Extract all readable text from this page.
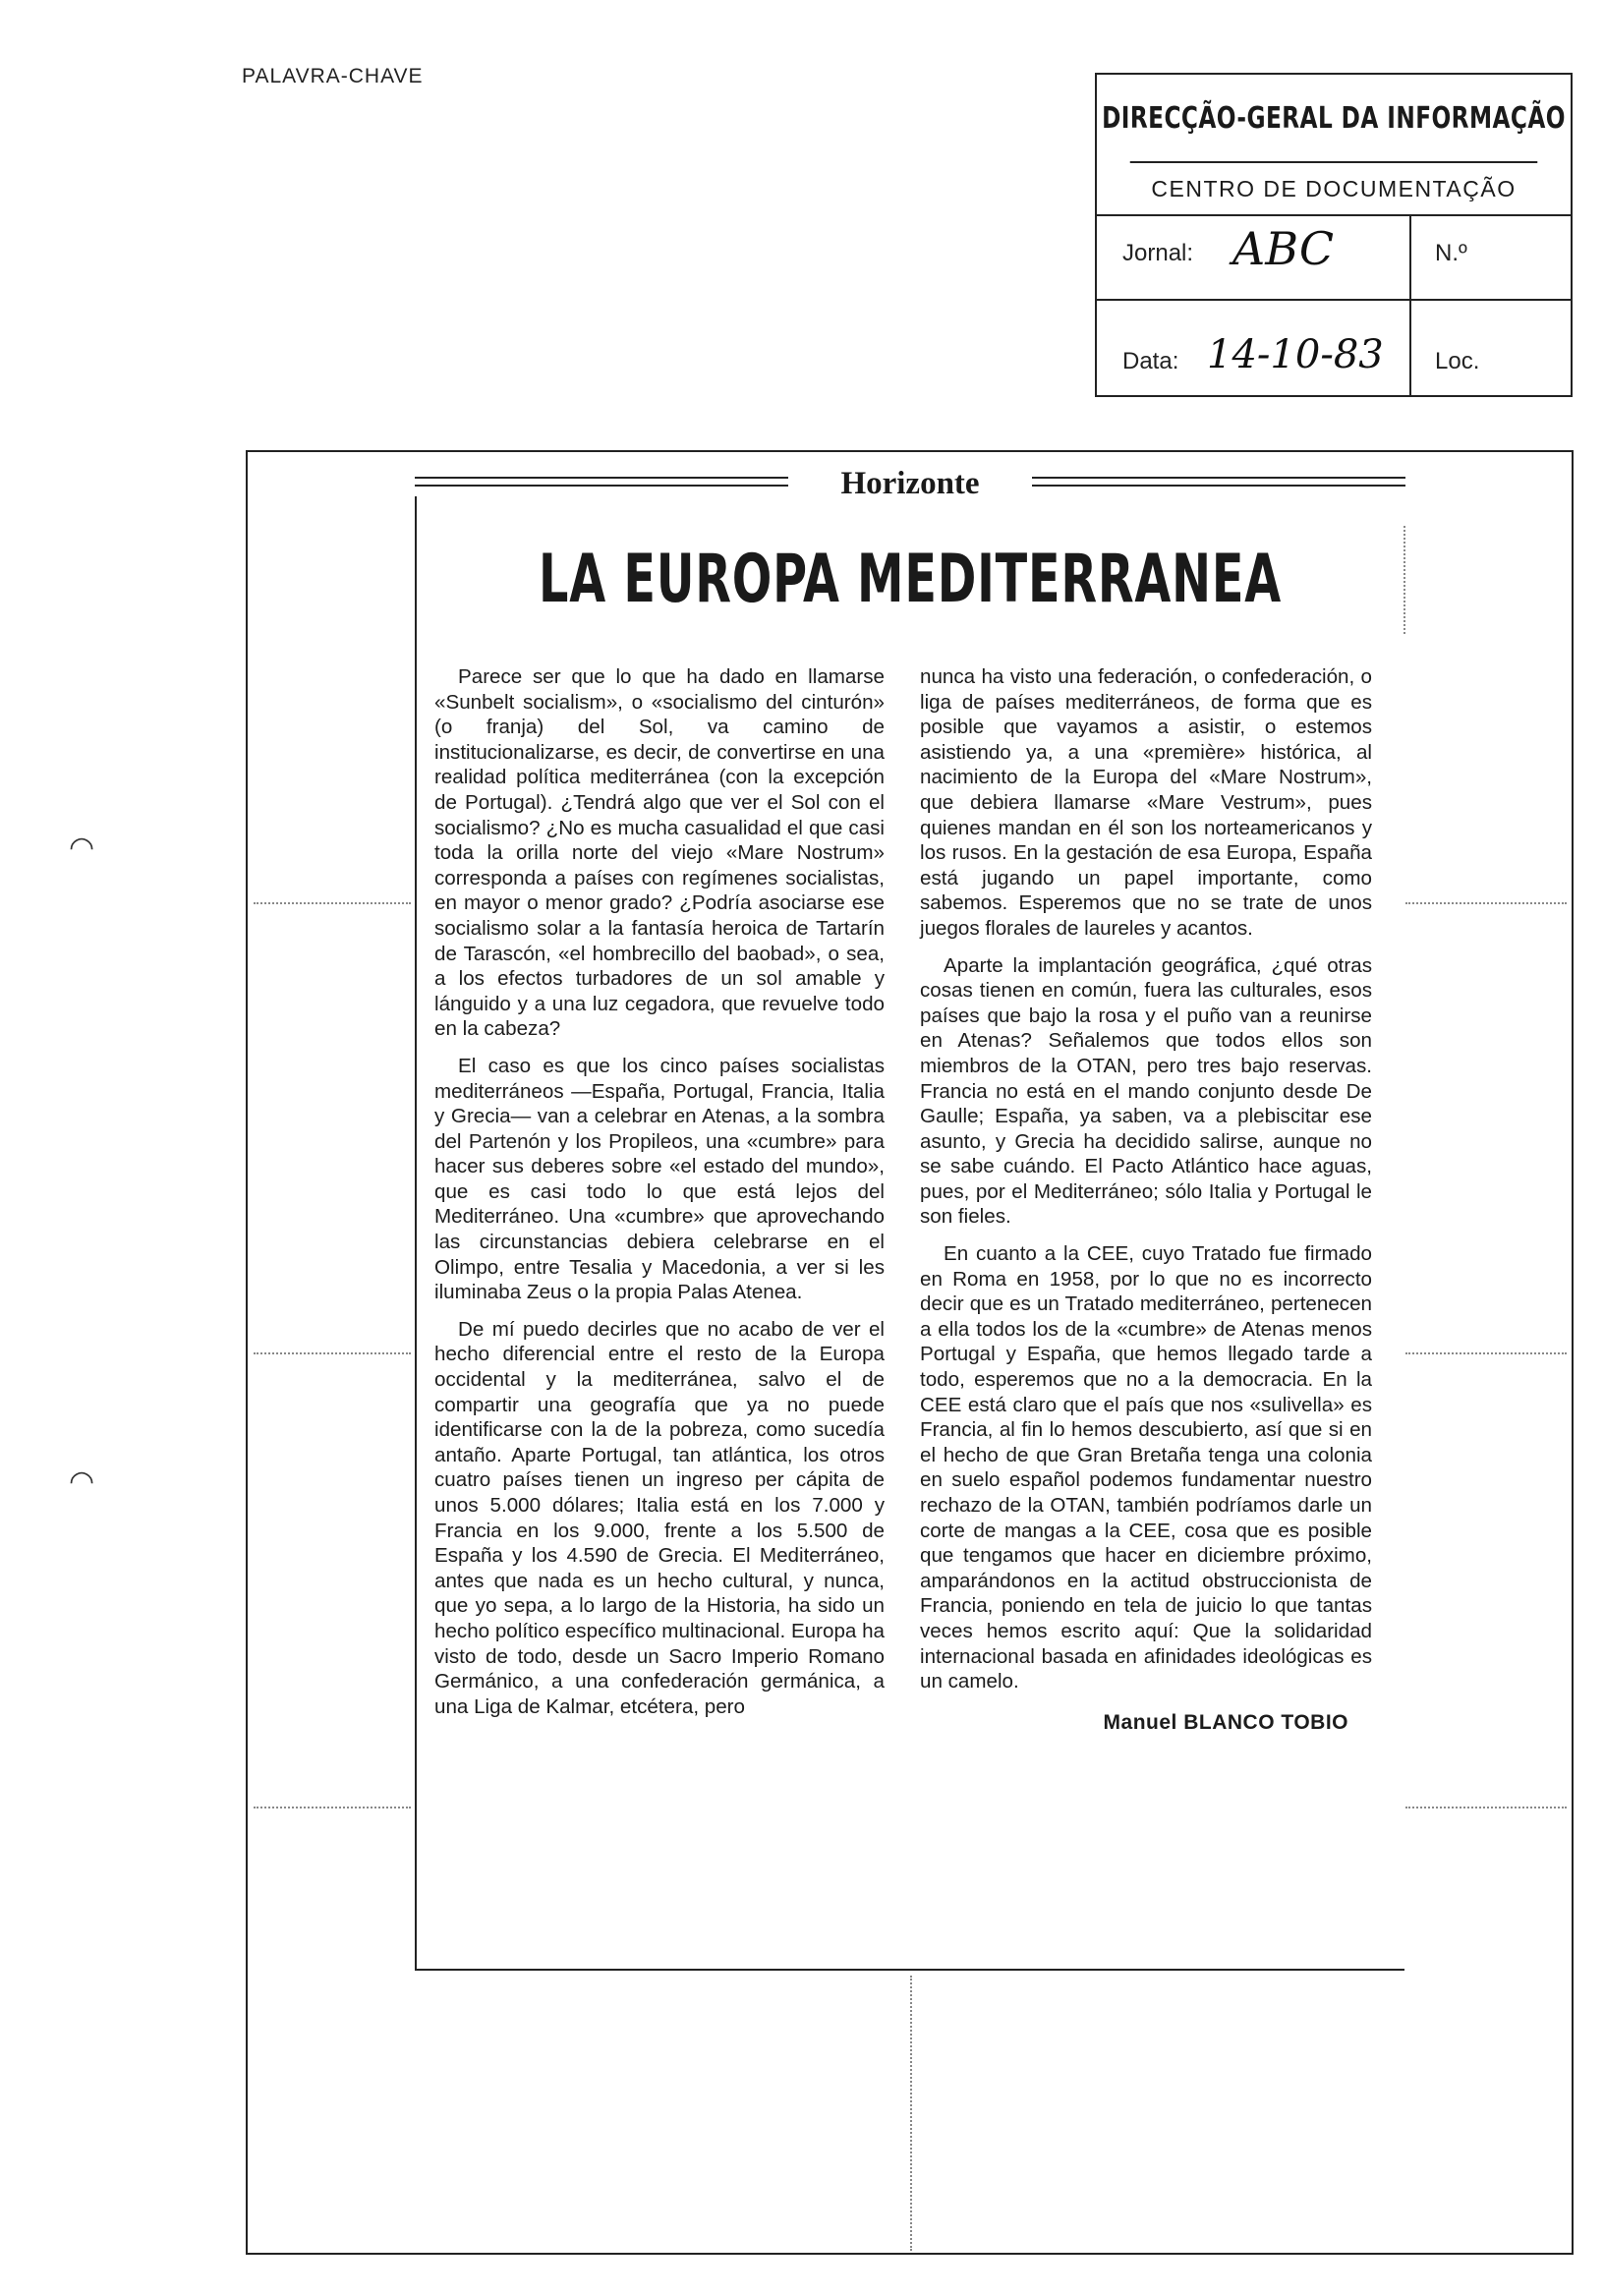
PALAVRA-CHAVE
DIRECÇÃO-GERAL DA INFORMAÇÃO
CENTRO DE DOCUMENTAÇÃO
Jornal: ABC	N.º
Data: 14-10-83 Loc.
Horizonte
LA EUROPA MEDITERRANEA

Parece ser que lo que ha dado en llamarse «Sunbelt socialism», o «socialismo del cinturón» (o franja) del Sol, va camino de institucionalizarse, es decir, de convertirse en una realidad política mediterránea (con la excepción de Portugal). ¿Tendrá algo que ver el Sol con el socialismo? ¿No es mucha casualidad el que casi toda la orilla norte del viejo «Mare Nostrum» corresponda a países con regímenes socialistas, en mayor o menor grado? ¿Podría asociarse ese socialismo solar a la fantasía heroica de Tartarín de Tarascón, «el hombrecillo del baobad», o sea, a los efectos turbadores de un sol amable y lánguido y a una luz cegadora, que revuelve todo en la cabeza?

El caso es que los cinco países socialistas mediterráneos —España, Portugal, Francia, Italia y Grecia— van a celebrar en Atenas, a la sombra del Partenón y los Propileos, una «cumbre» para hacer sus deberes sobre «el estado del mundo», que es casi todo lo que está lejos del Mediterráneo. Una «cumbre» que aprovechando las circunstancias debiera celebrarse en el Olimpo, entre Tesalia y Macedonia, a ver si les iluminaba Zeus o la propia Palas Atenea.

De mí puedo decirles que no acabo de ver el hecho diferencial entre el resto de la Europa occidental y la mediterránea, salvo el de compartir una geografía que ya no puede identificarse con la de la pobreza, como sucedía antaño. Aparte Portugal, tan atlántica, los otros cuatro países tienen un ingreso per cápita de unos 5.000 dólares; Italia está en los 7.000 y Francia en los 9.000, frente a los 5.500 de España y los 4.590 de Grecia. El Mediterráneo, antes que nada es un hecho cultural, y nunca, que yo sepa, a lo largo de la Historia, ha sido un hecho político específico multinacional. Europa ha visto de todo, desde un Sacro Imperio Romano Germánico, a una confederación germánica, a una Liga de Kalmar, etcétera, pero

nunca ha visto una federación, o confederación, o liga de países mediterráneos, de forma que es posible que vayamos a asistir, o estemos asistiendo ya, a una «première» histórica, al nacimiento de la Europa del «Mare Nostrum», que debiera llamarse «Mare Vestrum», pues quienes mandan en él son los norteamericanos y los rusos. En la gestación de esa Europa, España está jugando un papel importante, como sabemos. Esperemos que no se trate de unos juegos florales de laureles y acantos.

Aparte la implantación geográfica, ¿qué otras cosas tienen en común, fuera las culturales, esos países que bajo la rosa y el puño van a reunirse en Atenas? Señalemos que todos ellos son miembros de la OTAN, pero tres bajo reservas. Francia no está en el mando conjunto desde De Gaulle; España, ya saben, va a plebiscitar ese asunto, y Grecia ha decidido salirse, aunque no se sabe cuándo. El Pacto Atlántico hace aguas, pues, por el Mediterráneo; sólo Italia y Portugal le son fieles.

En cuanto a la CEE, cuyo Tratado fue firmado en Roma en 1958, por lo que no es incorrecto decir que es un Tratado mediterráneo, pertenecen a ella todos los de la «cumbre» de Atenas menos Portugal y España, que hemos llegado tarde a todo, esperemos que no a la democracia. En la CEE está claro que el país que nos «sulivella» es Francia, al fin lo hemos descubierto, así que si en el hecho de que Gran Bretaña tenga una colonia en suelo español podemos fundamentar nuestro rechazo de la OTAN, también podríamos darle un corte de mangas a la CEE, cosa que es posible que tengamos que hacer en diciembre próximo, amparándonos en la actitud obstruccionista de Francia, poniendo en tela de juicio lo que tantas veces hemos escrito aquí: Que la solidaridad internacional basada en afinidades ideológicas es un camelo.

Manuel BLANCO TOBIO
◠
◠
